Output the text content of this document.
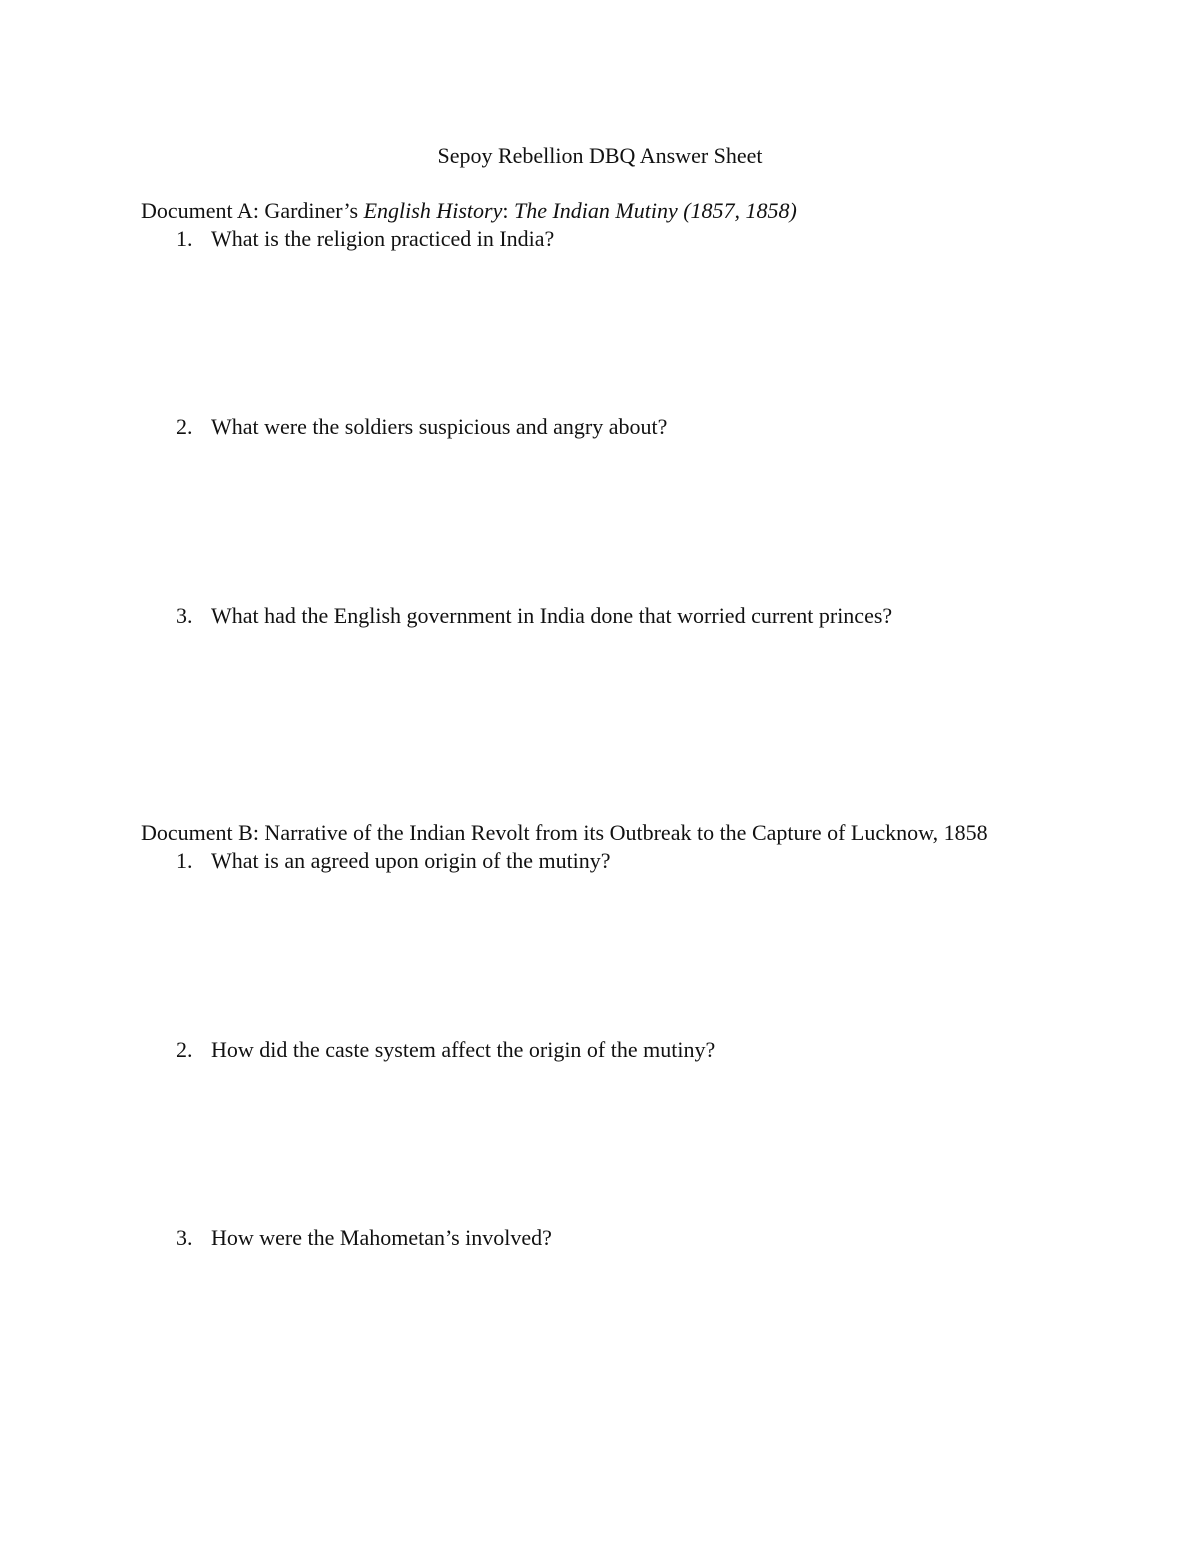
Sepoy Rebellion DBQ Answer Sheet
Document A: Gardiner’s English History: The Indian Mutiny (1857, 1858)
1. What is the religion practiced in India?
2. What were the soldiers suspicious and angry about?
3. What had the English government in India done that worried current princes?
Document B: Narrative of the Indian Revolt from its Outbreak to the Capture of Lucknow, 1858
1. What is an agreed upon origin of the mutiny?
2. How did the caste system affect the origin of the mutiny?
3. How were the Mahometan’s involved?
